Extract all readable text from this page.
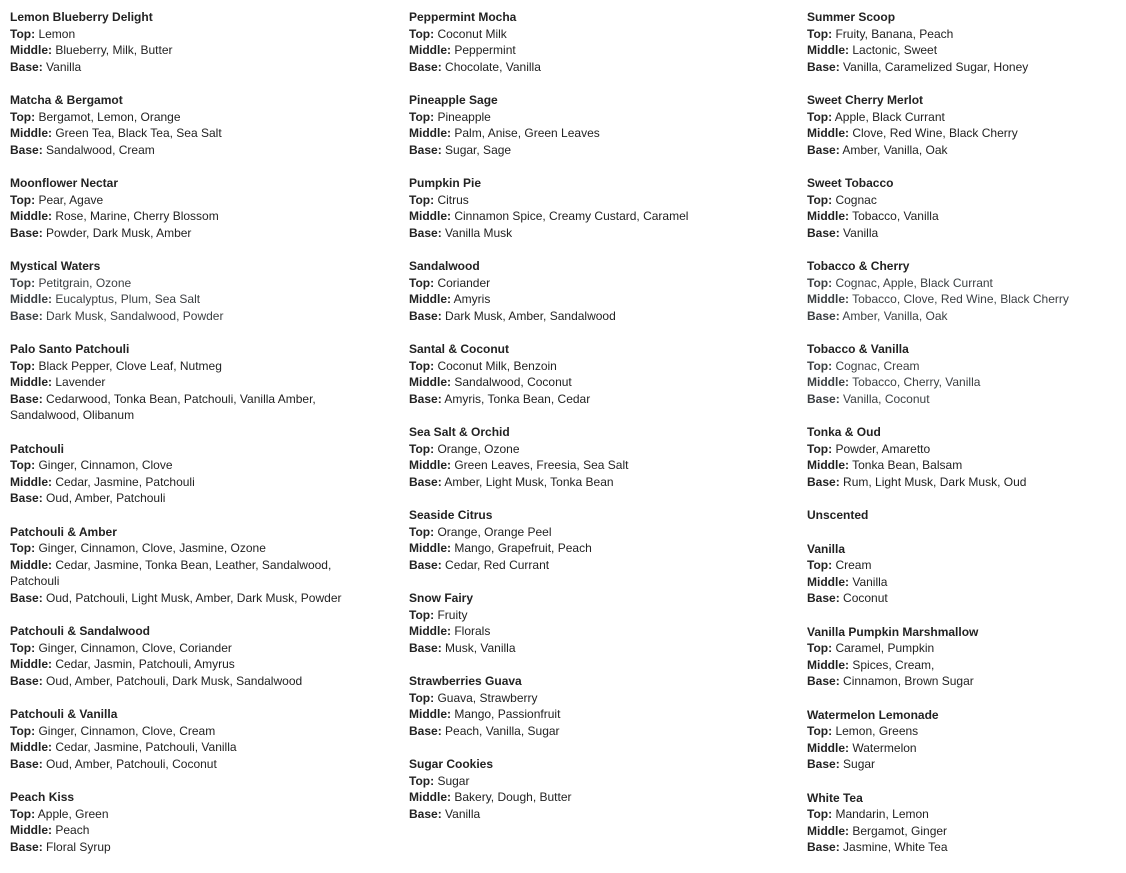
Lemon Blueberry Delight
Top: Lemon
Middle: Blueberry, Milk, Butter
Base: Vanilla
Matcha & Bergamot
Top: Bergamot, Lemon, Orange
Middle: Green Tea, Black Tea, Sea Salt
Base: Sandalwood, Cream
Moonflower Nectar
Top: Pear, Agave
Middle: Rose, Marine, Cherry Blossom
Base: Powder, Dark Musk, Amber
Mystical Waters
Top: Petitgrain, Ozone
Middle: Eucalyptus, Plum, Sea Salt
Base: Dark Musk, Sandalwood, Powder
Palo Santo Patchouli
Top: Black Pepper, Clove Leaf, Nutmeg
Middle: Lavender
Base: Cedarwood, Tonka Bean, Patchouli, Vanilla Amber, Sandalwood, Olibanum
Patchouli
Top: Ginger, Cinnamon, Clove
Middle: Cedar, Jasmine, Patchouli
Base: Oud, Amber, Patchouli
Patchouli & Amber
Top: Ginger, Cinnamon, Clove, Jasmine, Ozone
Middle: Cedar, Jasmine, Tonka Bean, Leather, Sandalwood, Patchouli
Base: Oud, Patchouli, Light Musk, Amber, Dark Musk, Powder
Patchouli & Sandalwood
Top: Ginger, Cinnamon, Clove, Coriander
Middle: Cedar, Jasmin, Patchouli, Amyrus
Base: Oud, Amber, Patchouli, Dark Musk, Sandalwood
Patchouli & Vanilla
Top: Ginger, Cinnamon, Clove, Cream
Middle: Cedar, Jasmine, Patchouli, Vanilla
Base: Oud, Amber, Patchouli, Coconut
Peach Kiss
Top: Apple, Green
Middle: Peach
Base: Floral Syrup
Peppermint Mocha
Top: Coconut Milk
Middle: Peppermint
Base: Chocolate, Vanilla
Pineapple Sage
Top: Pineapple
Middle: Palm, Anise, Green Leaves
Base: Sugar, Sage
Pumpkin Pie
Top: Citrus
Middle: Cinnamon Spice, Creamy Custard, Caramel
Base: Vanilla Musk
Sandalwood
Top: Coriander
Middle: Amyris
Base: Dark Musk, Amber, Sandalwood
Santal & Coconut
Top: Coconut Milk, Benzoin
Middle: Sandalwood, Coconut
Base: Amyris, Tonka Bean, Cedar
Sea Salt & Orchid
Top: Orange, Ozone
Middle: Green Leaves, Freesia, Sea Salt
Base: Amber, Light Musk, Tonka Bean
Seaside Citrus
Top: Orange, Orange Peel
Middle: Mango, Grapefruit, Peach
Base: Cedar, Red Currant
Snow Fairy
Top: Fruity
Middle: Florals
Base: Musk, Vanilla
Strawberries Guava
Top: Guava, Strawberry
Middle: Mango, Passionfruit
Base: Peach, Vanilla, Sugar
Sugar Cookies
Top: Sugar
Middle: Bakery, Dough, Butter
Base: Vanilla
Summer Scoop
Top: Fruity, Banana, Peach
Middle: Lactonic, Sweet
Base: Vanilla, Caramelized Sugar, Honey
Sweet Cherry Merlot
Top: Apple, Black Currant
Middle: Clove, Red Wine, Black Cherry
Base: Amber, Vanilla, Oak
Sweet Tobacco
Top: Cognac
Middle: Tobacco, Vanilla
Base: Vanilla
Tobacco & Cherry
Top: Cognac, Apple, Black Currant
Middle: Tobacco, Clove, Red Wine, Black Cherry
Base: Amber, Vanilla, Oak
Tobacco & Vanilla
Top: Cognac, Cream
Middle: Tobacco, Cherry, Vanilla
Base: Vanilla, Coconut
Tonka & Oud
Top: Powder, Amaretto
Middle: Tonka Bean, Balsam
Base: Rum, Light Musk, Dark Musk, Oud
Unscented
Vanilla
Top: Cream
Middle: Vanilla
Base: Coconut
Vanilla Pumpkin Marshmallow
Top: Caramel, Pumpkin
Middle: Spices, Cream,
Base: Cinnamon, Brown Sugar
Watermelon Lemonade
Top: Lemon, Greens
Middle: Watermelon
Base: Sugar
White Tea
Top: Mandarin, Lemon
Middle: Bergamot, Ginger
Base: Jasmine, White Tea
